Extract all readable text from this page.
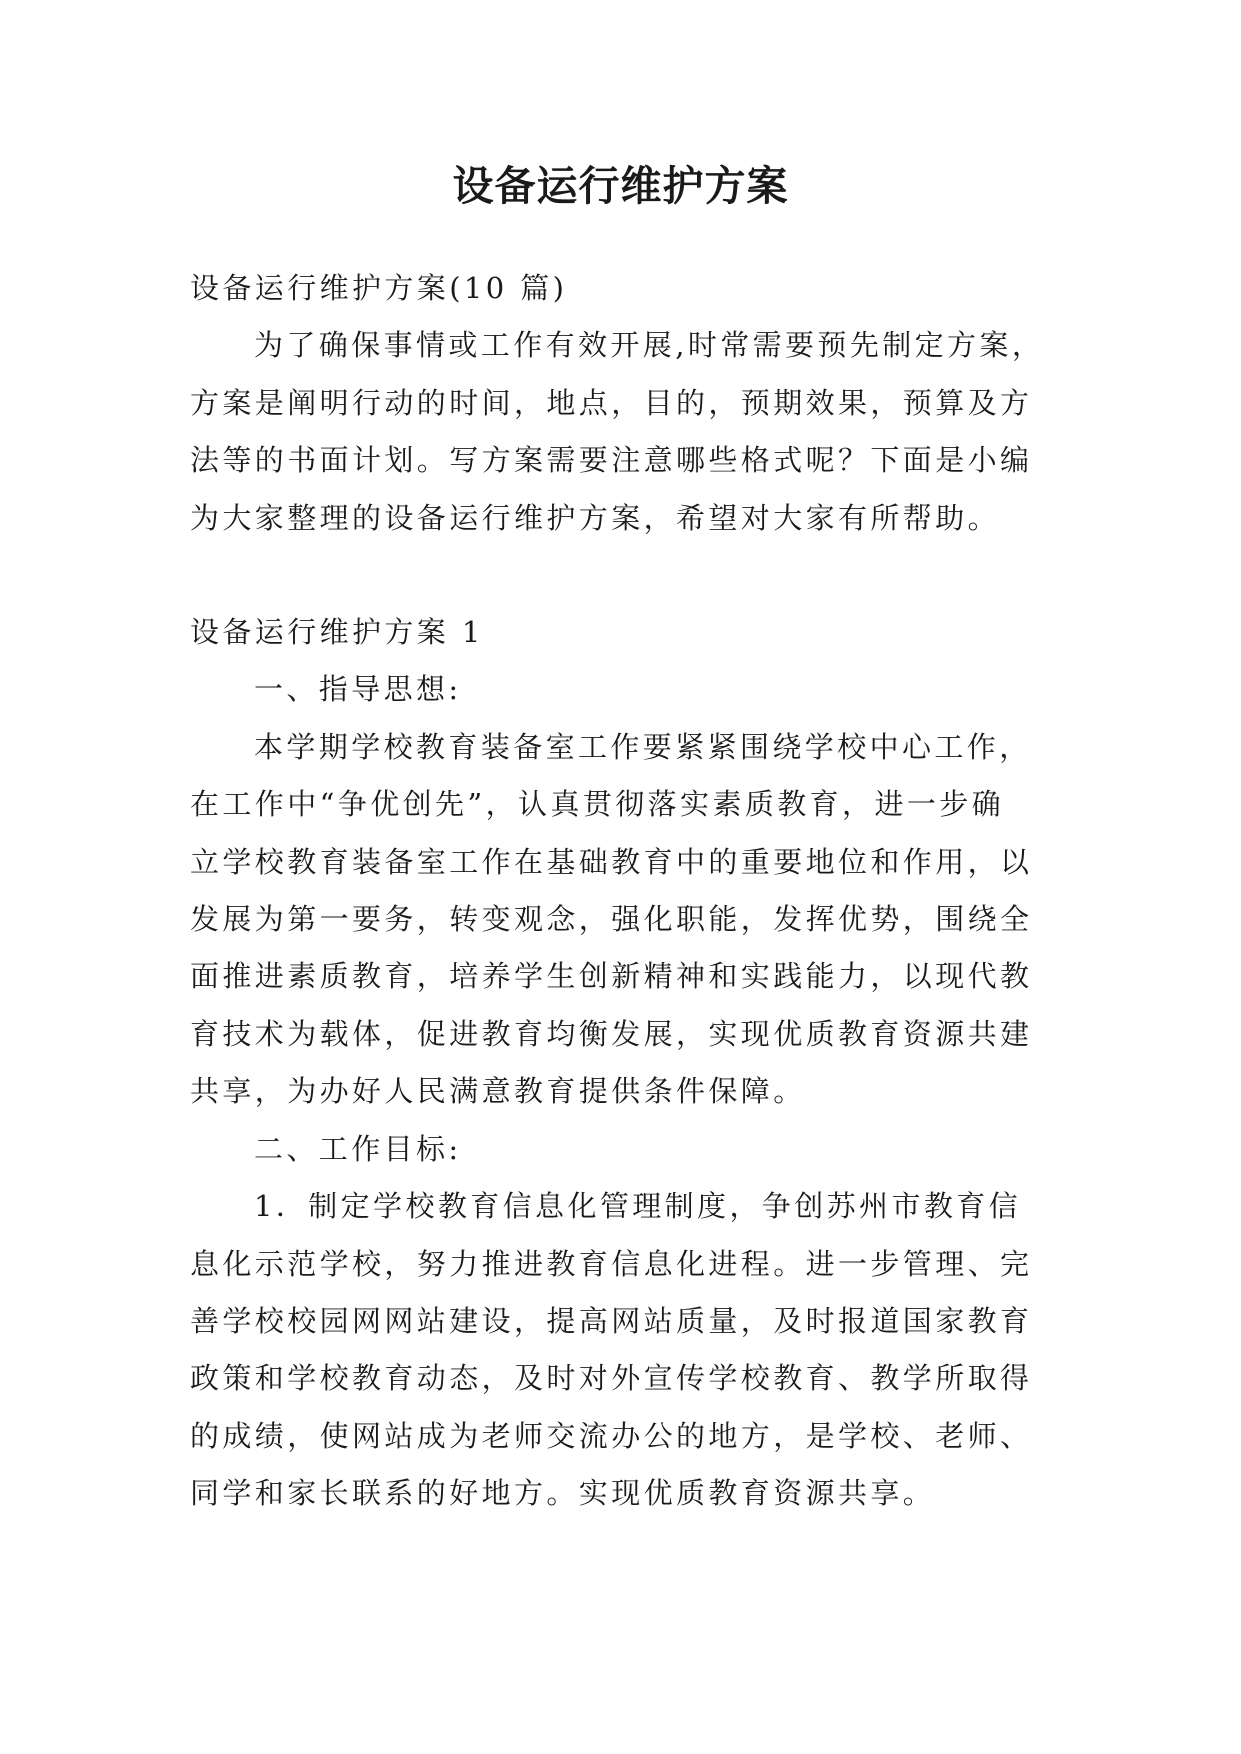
设备运行维护方案

设备运行维护方案(10 篇)

为了确保事情或工作有效开展,时常需要预先制定方案，

方案是阐明行动的时间，地点，目的，预期效果，预算及方

法等的书面计划。写方案需要注意哪些格式呢？下面是小编

为大家整理的设备运行维护方案，希望对大家有所帮助。

设备运行维护方案 1

一、指导思想:

本学期学校教育装备室工作要紧紧围绕学校中心工作，

在工作中“争优创先”，认真贯彻落实素质教育，进一步确

立学校教育装备室工作在基础教育中的重要地位和作用，以

发展为第一要务，转变观念，强化职能，发挥优势，围绕全

面推进素质教育，培养学生创新精神和实践能力，以现代教

育技术为载体，促进教育均衡发展，实现优质教育资源共建

共享，为办好人民满意教育提供条件保障。

二、工作目标:

1．制定学校教育信息化管理制度，争创苏州市教育信

息化示范学校，努力推进教育信息化进程。进一步管理、完

善学校校园网网站建设，提高网站质量，及时报道国家教育

政策和学校教育动态，及时对外宣传学校教育、教学所取得

的成绩，使网站成为老师交流办公的地方，是学校、老师、

同学和家长联系的好地方。实现优质教育资源共享。
